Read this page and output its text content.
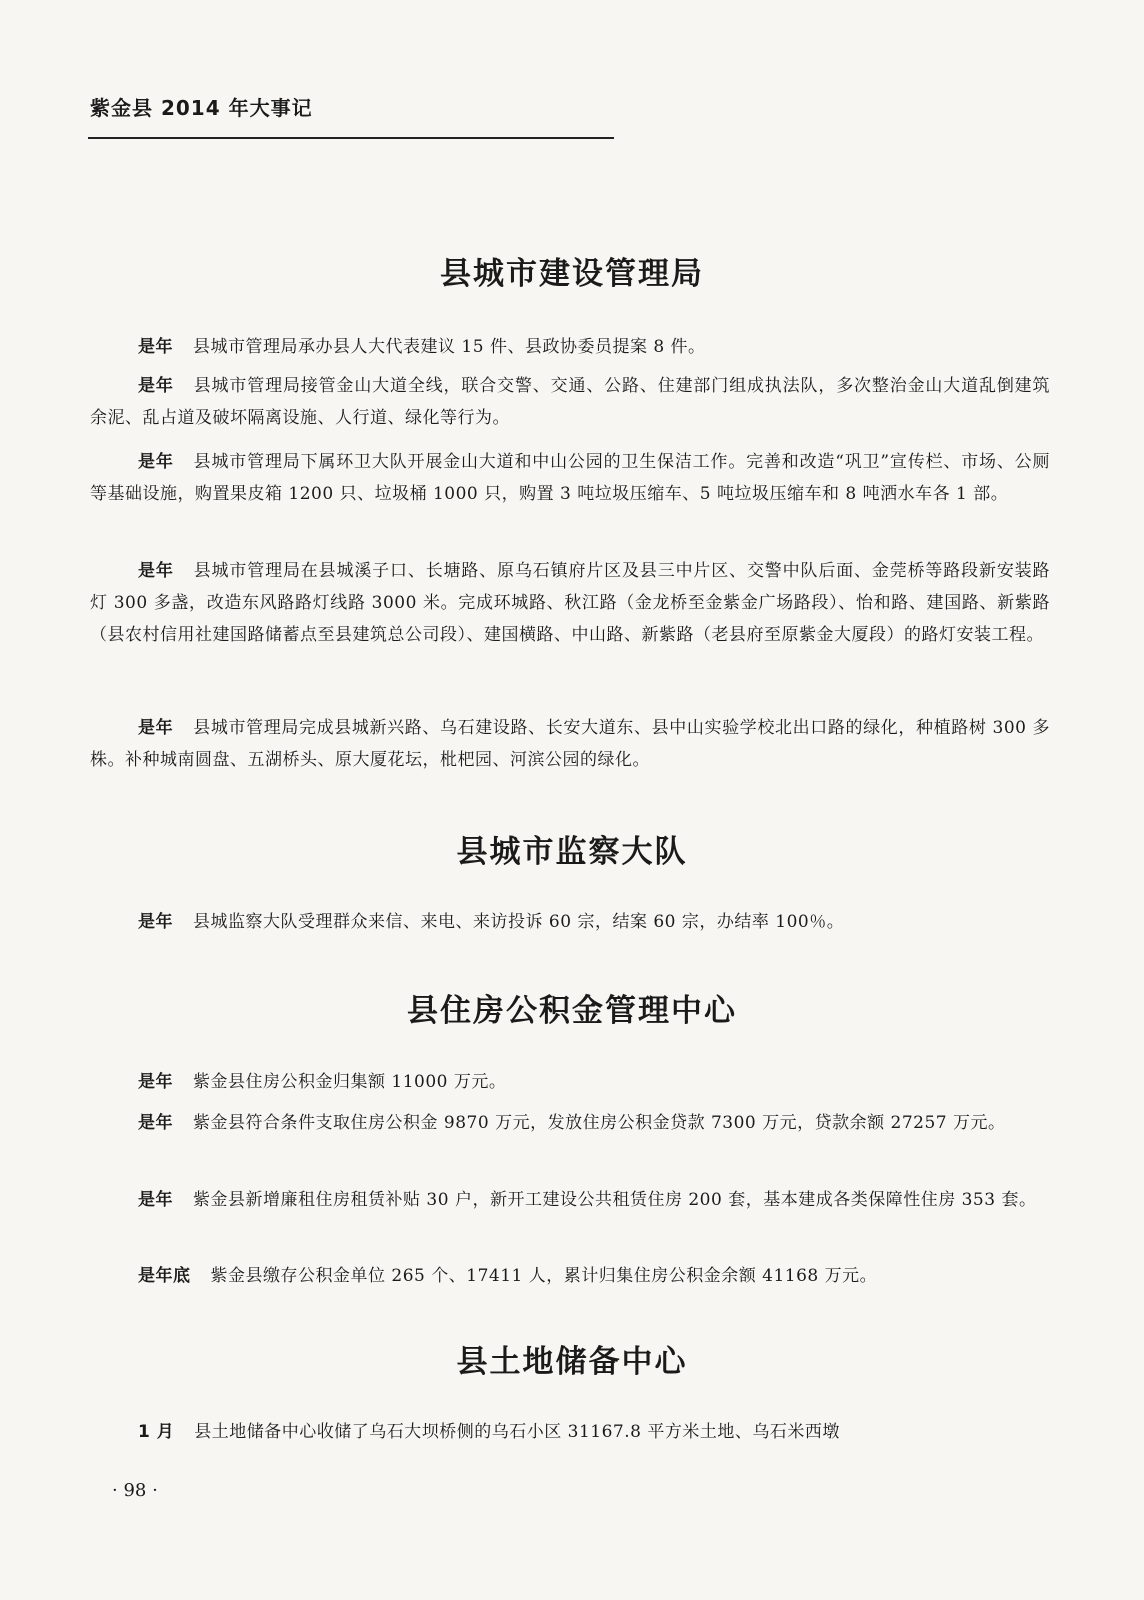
紫金县 2014 年大事记
县城市建设管理局

是年 县城市管理局承办县人大代表建议 15 件、县政协委员提案 8 件。

是年 县城市管理局接管金山大道全线，联合交警、交通、公路、住建部门组成执法队，多次整治金山大道乱倒建筑余泥、乱占道及破坏隔离设施、人行道、绿化等行为。

是年 县城市管理局下属环卫大队开展金山大道和中山公园的卫生保洁工作。完善和改造“巩卫”宣传栏、市场、公厕等基础设施，购置果皮箱 1200 只、垃圾桶 1000 只，购置 3 吨垃圾压缩车、5 吨垃圾压缩车和 8 吨洒水车各 1 部。

是年 县城市管理局在县城溪子口、长塘路、原乌石镇府片区及县三中片区、交警中队后面、金莞桥等路段新安装路灯 300 多盏，改造东风路路灯线路 3000 米。完成环城路、秋江路（金龙桥至金紫金广场路段）、怡和路、建国路、新紫路（县农村信用社建国路储蓄点至县建筑总公司段）、建国横路、中山路、新紫路（老县府至原紫金大厦段）的路灯安装工程。

是年 县城市管理局完成县城新兴路、乌石建设路、长安大道东、县中山实验学校北出口路的绿化，种植路树 300 多株。补种城南圆盘、五湖桥头、原大厦花坛，枇杷园、河滨公园的绿化。

县城市监察大队

是年 县城监察大队受理群众来信、来电、来访投诉 60 宗，结案 60 宗，办结率 100％。

县住房公积金管理中心

是年 紫金县住房公积金归集额 11000 万元。

是年 紫金县符合条件支取住房公积金 9870 万元，发放住房公积金贷款 7300 万元，贷款余额 27257 万元。

是年 紫金县新增廉租住房租赁补贴 30 户，新开工建设公共租赁住房 200 套，基本建成各类保障性住房 353 套。

是年底 紫金县缴存公积金单位 265 个、17411 人，累计归集住房公积金余额 41168 万元。

县土地储备中心

1 月 县土地储备中心收储了乌石大坝桥侧的乌石小区 31167.8 平方米土地、乌石米西墩

· 98 ·
